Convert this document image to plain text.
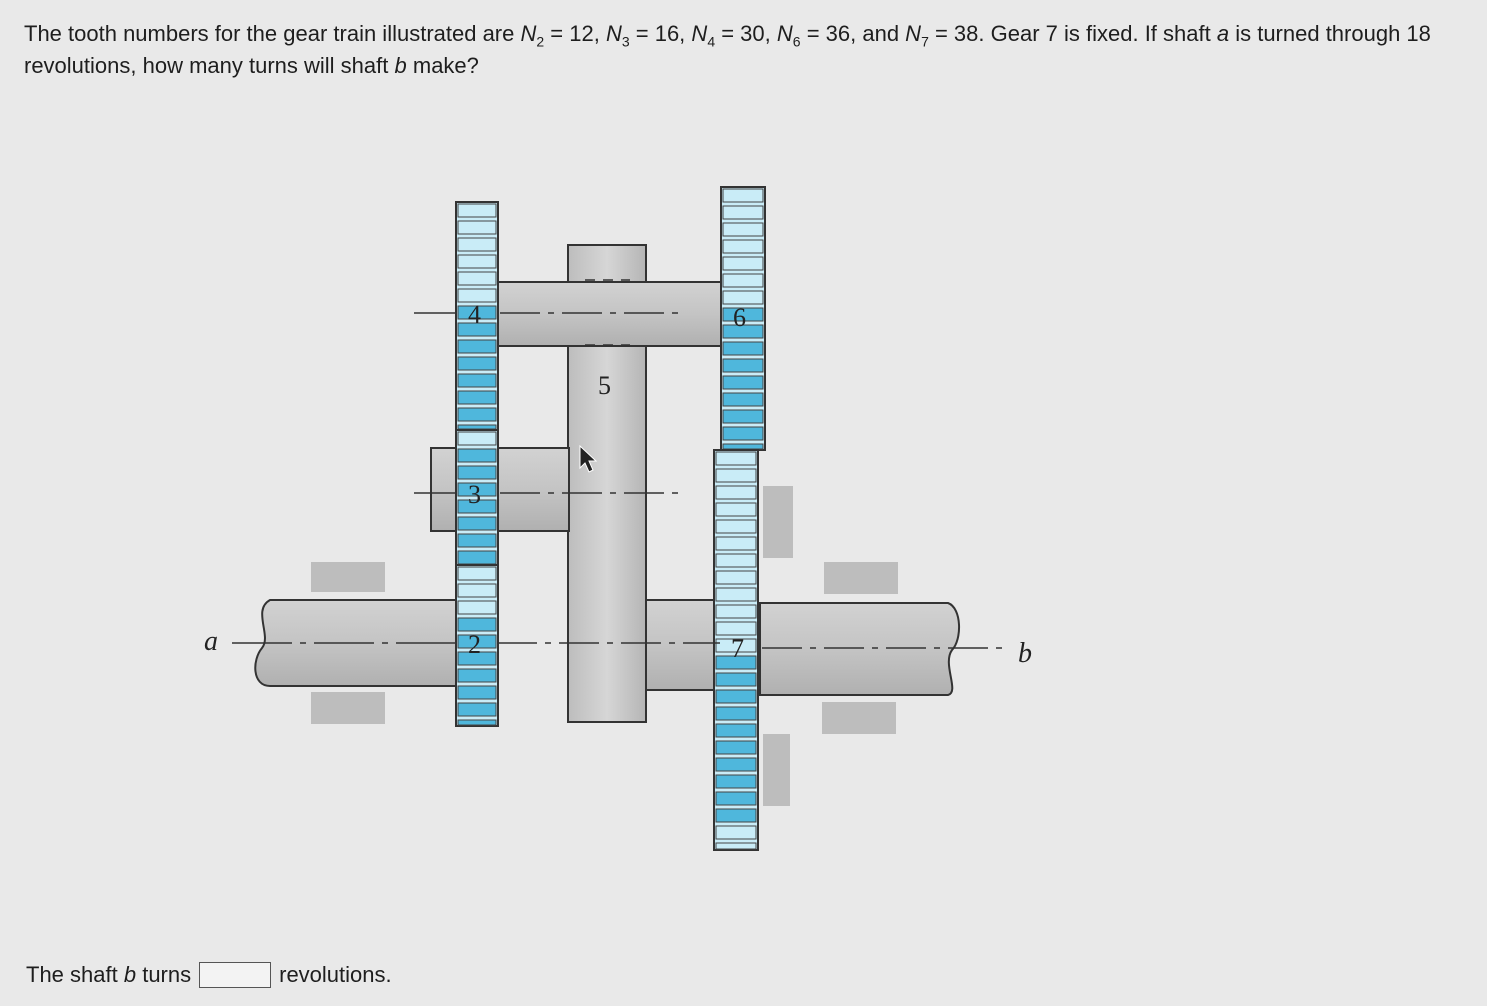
The tooth numbers for the gear train illustrated are $N_2 = 12$, $N_3 = 16$, $N_4 = 30$, $N_6 = 36$, and $N_7 = 38$. Gear 7 is fixed. If shaft a is turned through 18 revolutions, how many turns will shaft b make?
4
3
2
5
6
7
a	b
The shaft b turns	revolutions.
